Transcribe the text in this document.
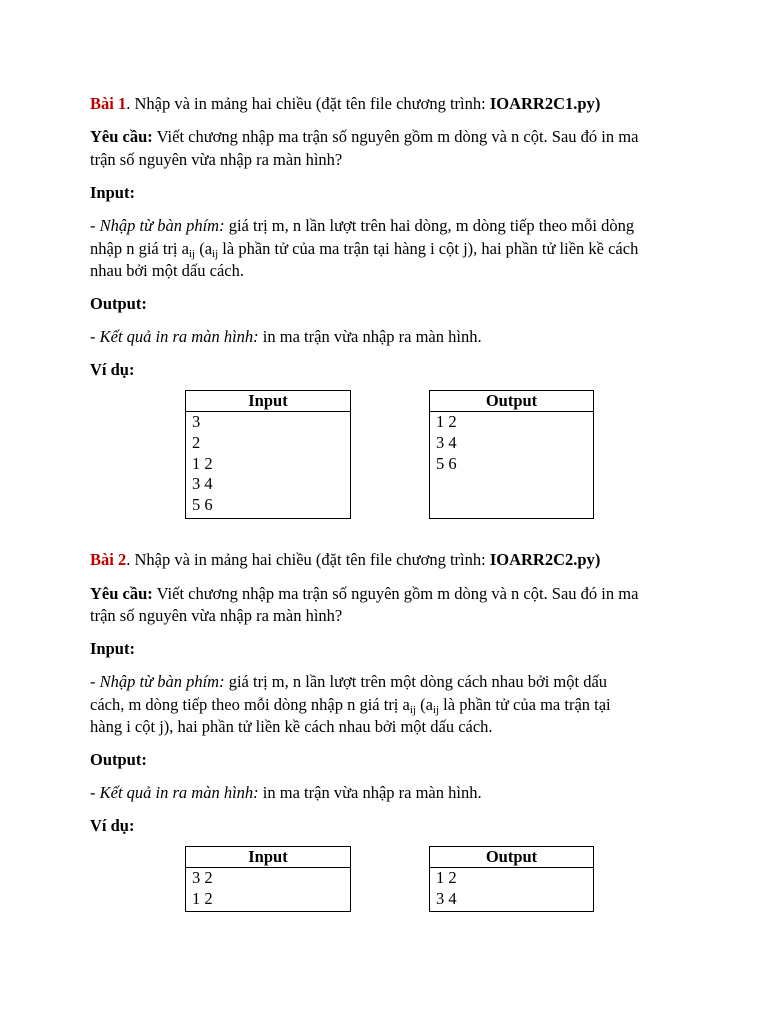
Bài 1. Nhập và in mảng hai chiều (đặt tên file chương trình: IOARR2C1.py)
Yêu cầu: Viết chương nhập ma trận số nguyên gồm m dòng và n cột. Sau đó in ma
trận số nguyên vừa nhập ra màn hình?
Input:
- Nhập từ bàn phím: giá trị m, n lần lượt trên hai dòng, m dòng tiếp theo mỗi dòng
nhập n giá trị $a_{ij}$ ($a_{ij}$ là phần tử của ma trận tại hàng i cột j), hai phần tử liền kề cách
nhau bởi một dấu cách.
Output:
- Kết quả in ra màn hình: in ma trận vừa nhập ra màn hình.
Ví dụ:
Input

3
2
1 2
3 4
5 6
Output

1 2
3 4
5 6
Bài 2. Nhập và in mảng hai chiều (đặt tên file chương trình: IOARR2C2.py)
Yêu cầu: Viết chương nhập ma trận số nguyên gồm m dòng và n cột. Sau đó in ma
trận số nguyên vừa nhập ra màn hình?
Input:
- Nhập từ bàn phím: giá trị m, n lần lượt trên một dòng cách nhau bởi một dấu
cách, m dòng tiếp theo mỗi dòng nhập n giá trị $a_{ij}$ ($a_{ij}$ là phần tử của ma trận tại
hàng i cột j), hai phần tử liền kề cách nhau bởi một dấu cách.
Output:
- Kết quả in ra màn hình: in ma trận vừa nhập ra màn hình.
Ví dụ:
Input

3 2
1 2
Output

1 2
3 4
